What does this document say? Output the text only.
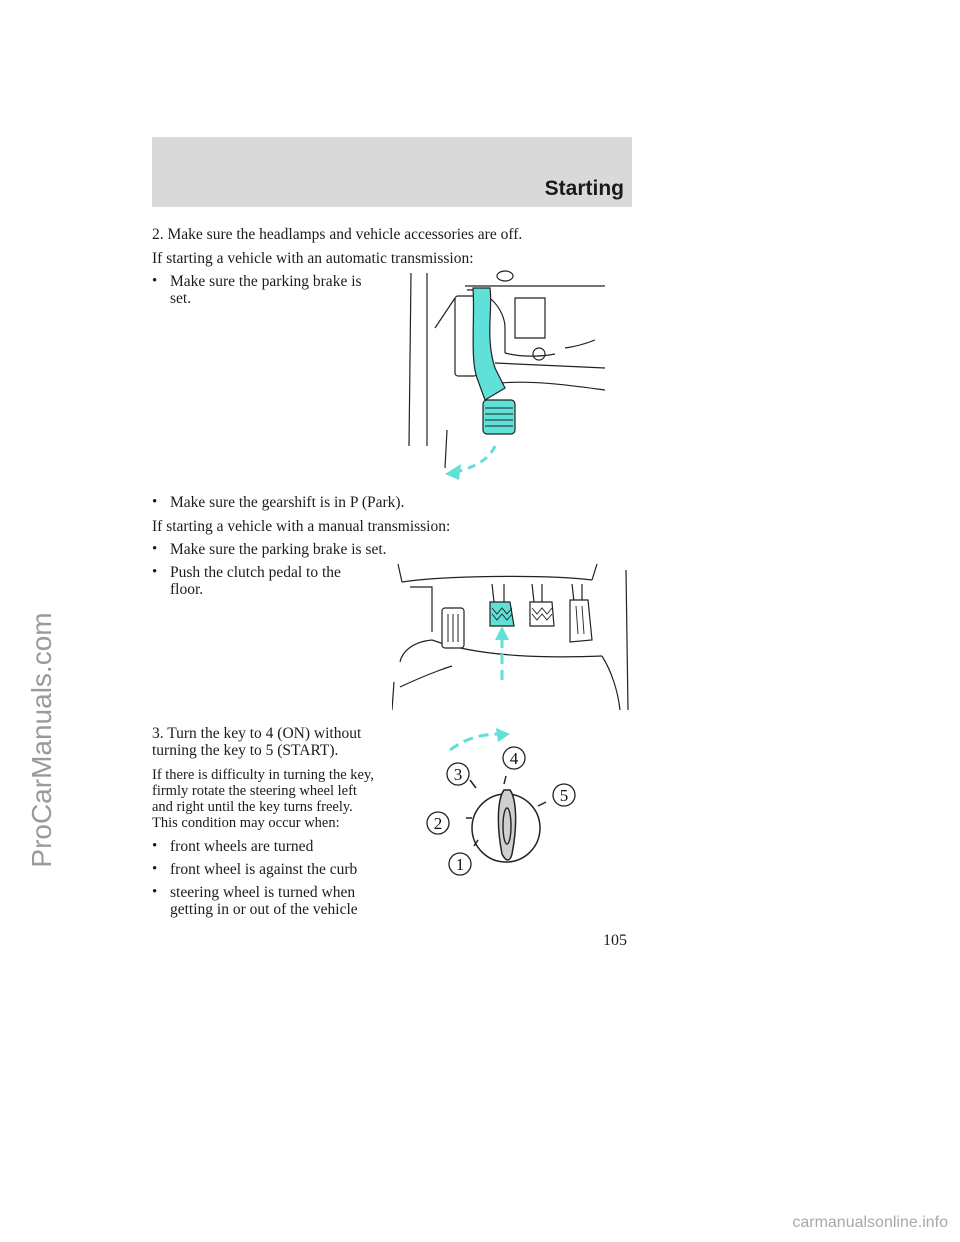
Starting
ProCarManuals.com
2. Make sure the headlamps and vehicle accessories are off.
If starting a vehicle with an automatic transmission:
• Make sure the parking brake is
set.
• Make sure the gearshift is in P (Park).
If starting a vehicle with a manual transmission:
• Make sure the parking brake is set.
• Push the clutch pedal to the
floor.
3. Turn the key to 4 (ON) without
turning the key to 5 (START).
If there is difficulty in turning the key,
firmly rotate the steering wheel left
and right until the key turns freely.
This condition may occur when:
• front wheels are turned
• front wheel is against the curb
• steering wheel is turned when
getting in or out of the vehicle
1
2
3
4
5
105
carmanualsonline.info
